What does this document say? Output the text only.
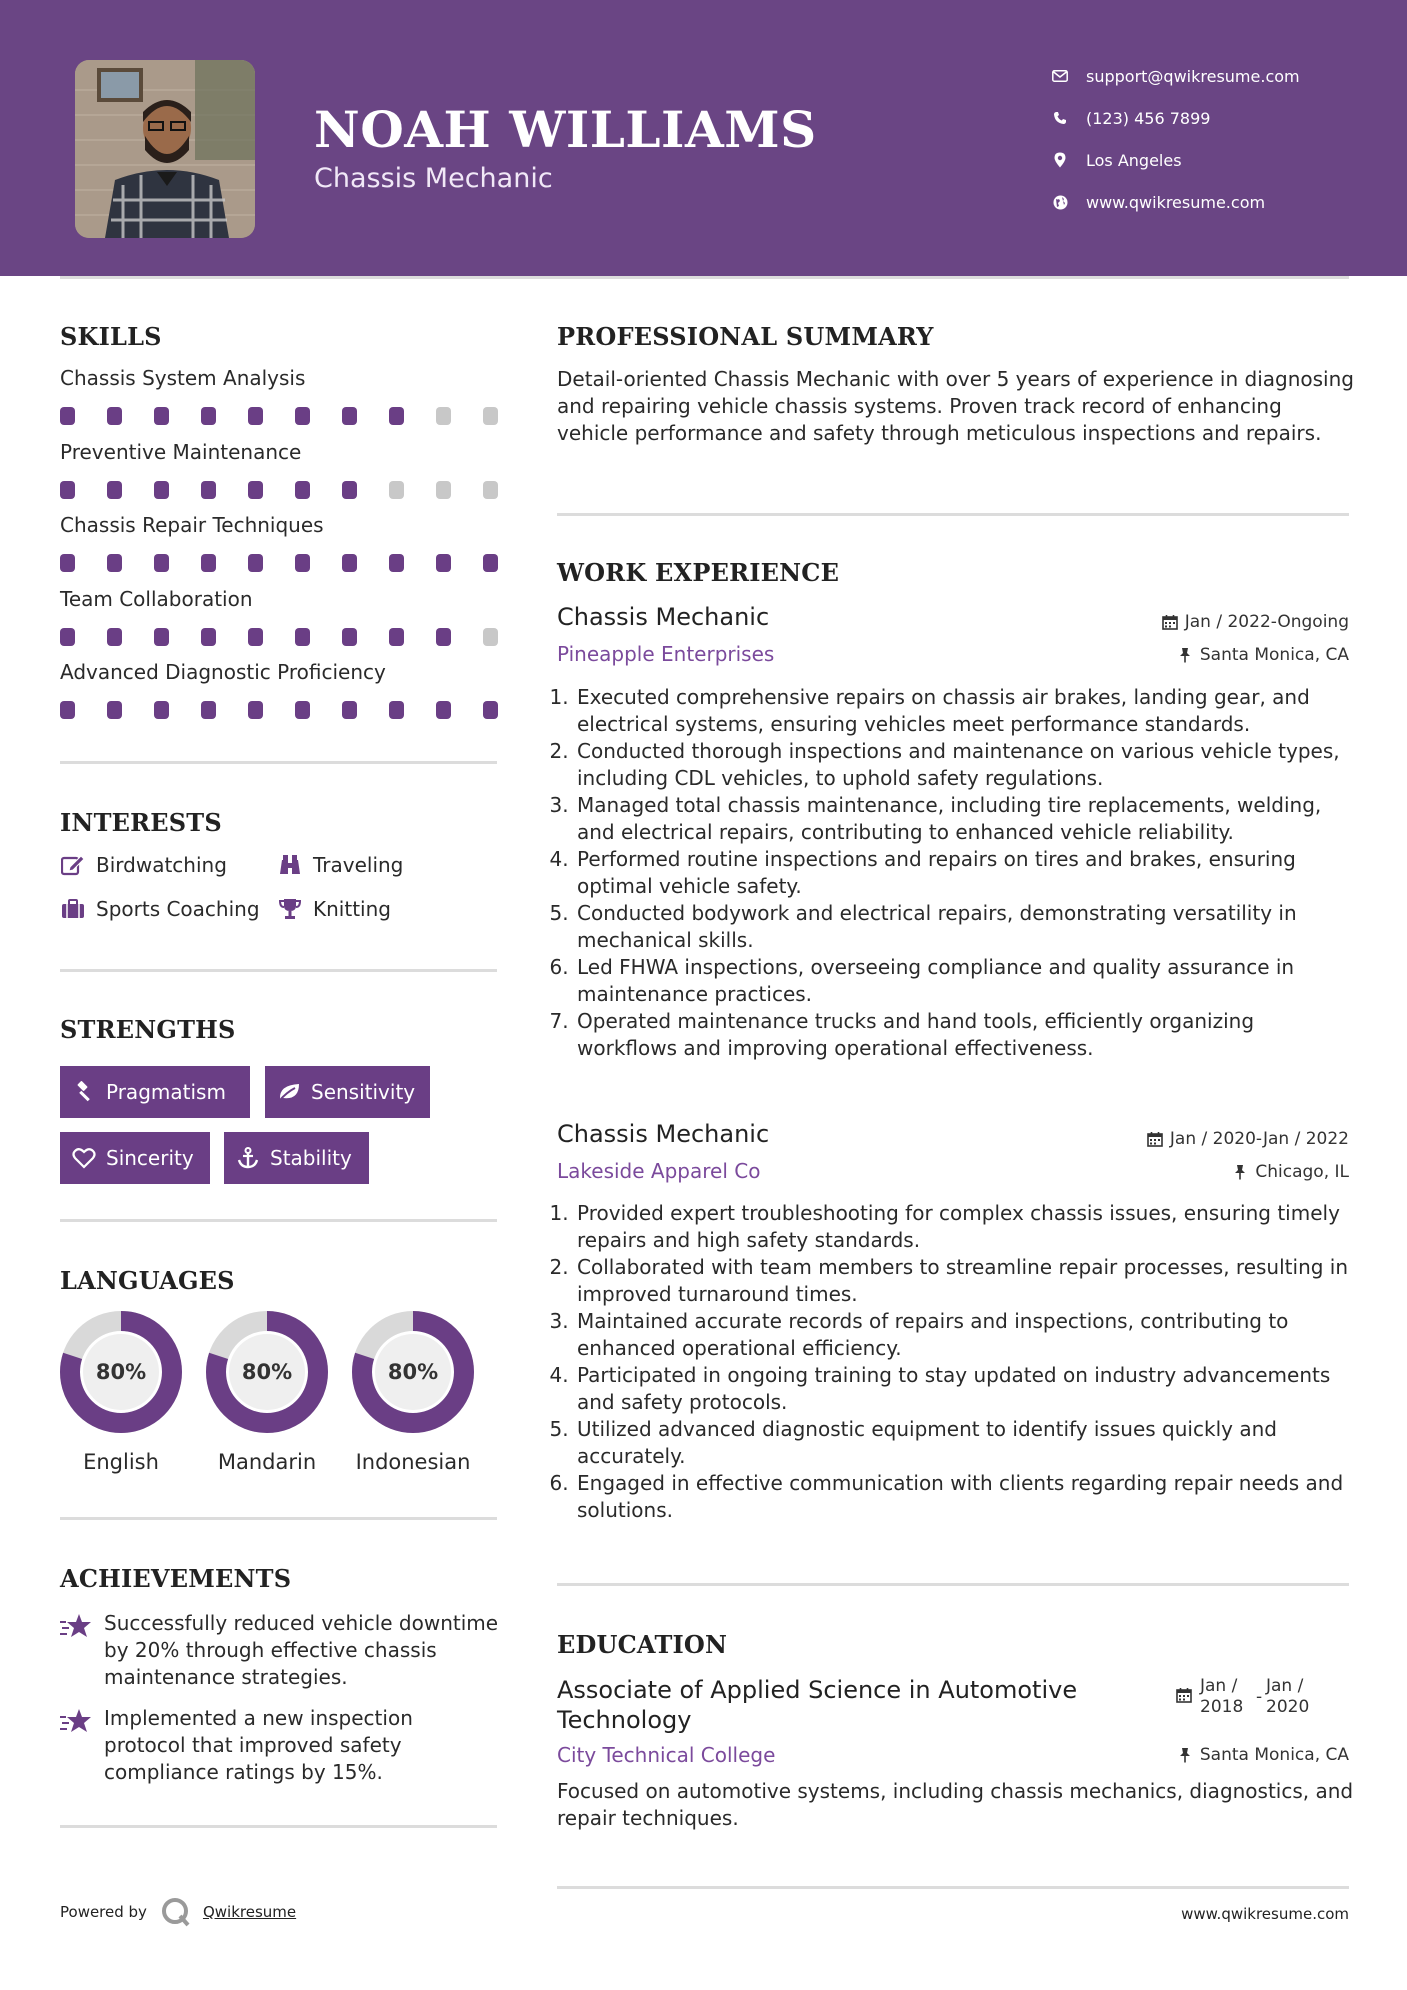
NOAH WILLIAMS
Chassis Mechanic
support@qwikresume.com
(123) 456 7899
Los Angeles
www.qwikresume.com
SKILLS
Chassis System Analysis
Preventive Maintenance
Chassis Repair Techniques
Team Collaboration
Advanced Diagnostic Proficiency
INTERESTS
Birdwatching	Traveling
Sports Coaching	Knitting
STRENGTHS
Pragmatism	Sensitivity
Sincerity	Stability
LANGUAGES
80%
English
80%
Mandarin
80%
Indonesian
ACHIEVEMENTS
Successfully reduced vehicle downtime by 20% through effective chassis maintenance strategies.
Implemented a new inspection protocol that improved safety compliance ratings by 15%.
PROFESSIONAL SUMMARY
Detail-oriented Chassis Mechanic with over 5 years of experience in diagnosing and repairing vehicle chassis systems. Proven track record of enhancing vehicle performance and safety through meticulous inspections and repairs.
WORK EXPERIENCE
Chassis Mechanic	Jan / 2022-Ongoing
Pineapple Enterprises	Santa Monica, CA
1. Executed comprehensive repairs on chassis air brakes, landing gear, and electrical systems, ensuring vehicles meet performance standards.
2. Conducted thorough inspections and maintenance on various vehicle types, including CDL vehicles, to uphold safety regulations.
3. Managed total chassis maintenance, including tire replacements, welding, and electrical repairs, contributing to enhanced vehicle reliability.
4. Performed routine inspections and repairs on tires and brakes, ensuring optimal vehicle safety.
5. Conducted bodywork and electrical repairs, demonstrating versatility in mechanical skills.
6. Led FHWA inspections, overseeing compliance and quality assurance in maintenance practices.
7. Operated maintenance trucks and hand tools, efficiently organizing workflows and improving operational effectiveness.
Chassis Mechanic	Jan / 2020-Jan / 2022
Lakeside Apparel Co	Chicago, IL
1. Provided expert troubleshooting for complex chassis issues, ensuring timely repairs and high safety standards.
2. Collaborated with team members to streamline repair processes, resulting in improved turnaround times.
3. Maintained accurate records of repairs and inspections, contributing to enhanced operational efficiency.
4. Participated in ongoing training to stay updated on industry advancements and safety protocols.
5. Utilized advanced diagnostic equipment to identify issues quickly and accurately.
6. Engaged in effective communication with clients regarding repair needs and solutions.
EDUCATION
Associate of Applied Science in Automotive Technology
Jan / 2018 -
Jan / 2020
City Technical College	Santa Monica, CA
Focused on automotive systems, including chassis mechanics, diagnostics, and repair techniques.
Powered by	Qwikresume	www.qwikresume.com
